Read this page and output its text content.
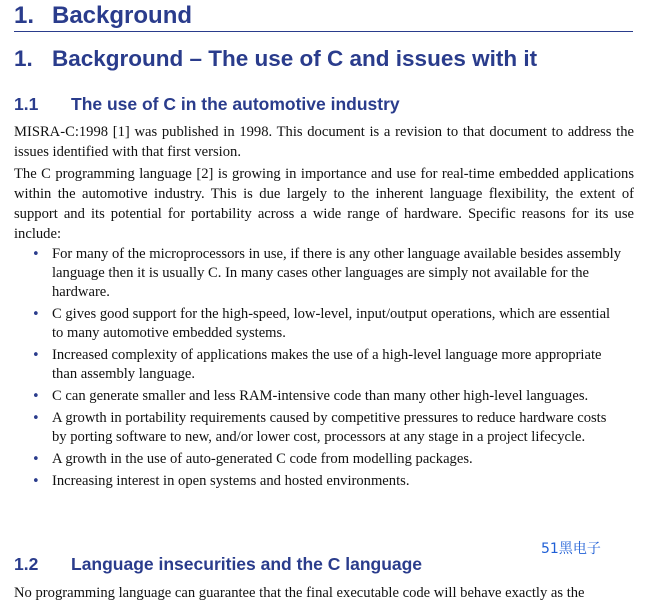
1. Background
1. Background – The use of C and issues with it
1.1 The use of C in the automotive industry

MISRA-C:1998 [1] was published in 1998. This document is a revision to that document to address the issues identified with that first version.

The C programming language [2] is growing in importance and use for real-time embedded applications within the automotive industry. This is due largely to the inherent language flexibility, the extent of support and its potential for portability across a wide range of hardware. Specific reasons for its use include:

• For many of the microprocessors in use, if there is any other language available besides assembly language then it is usually C. In many cases other languages are simply not available for the hardware.
• C gives good support for the high-speed, low-level, input/output operations, which are essential to many automotive embedded systems.
• Increased complexity of applications makes the use of a high-level language more appropriate than assembly language.
• C can generate smaller and less RAM-intensive code than many other high-level languages.
• A growth in portability requirements caused by competitive pressures to reduce hardware costs by porting software to new, and/or lower cost, processors at any stage in a project lifecycle.
• A growth in the use of auto-generated C code from modelling packages.
• Increasing interest in open systems and hosted environments.
1.2 Language insecurities and the C language
51黑电子

No programming language can guarantee that the final executable code will behave exactly as the
